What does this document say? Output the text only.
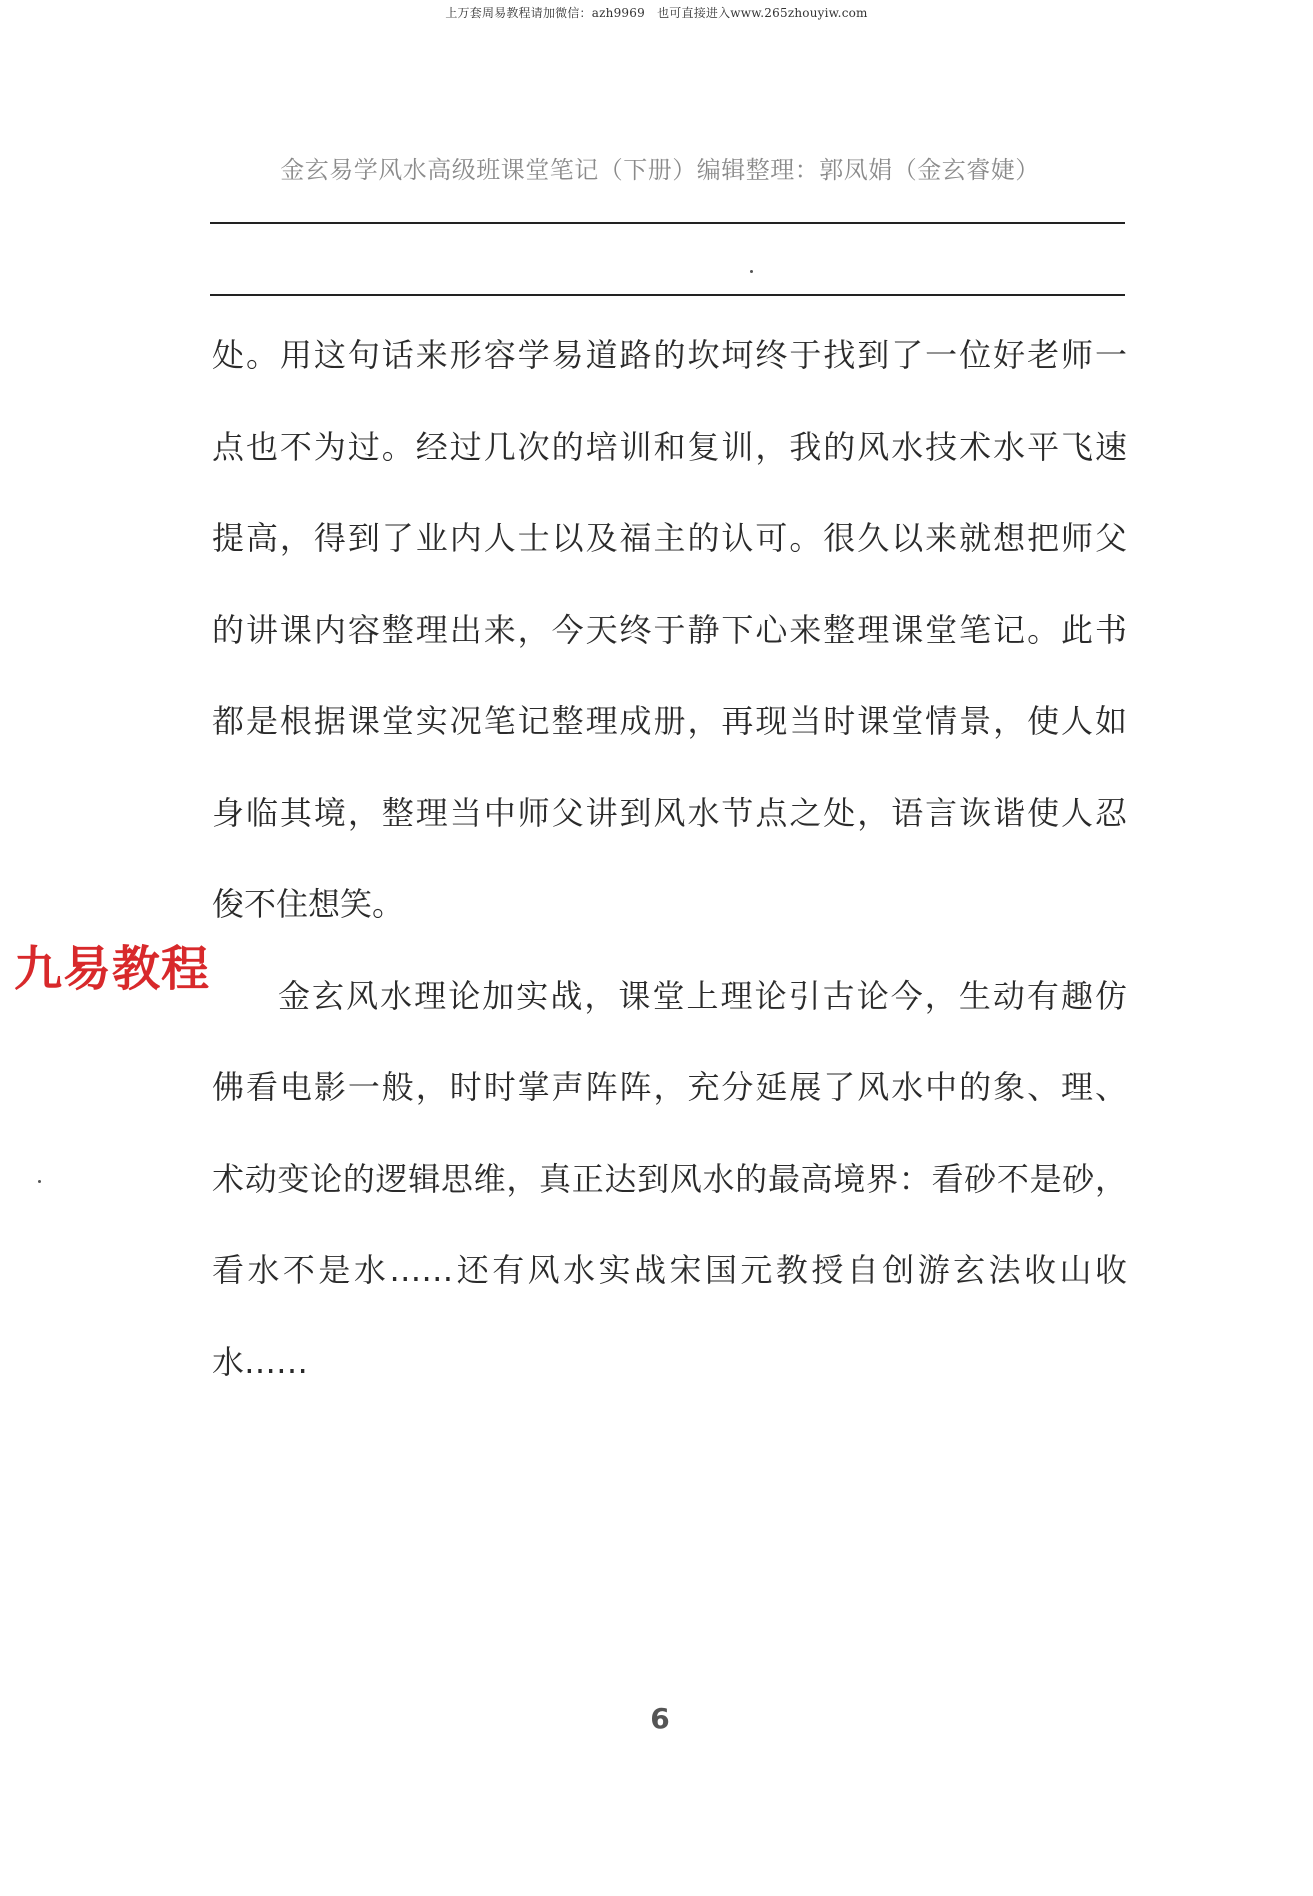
上万套周易教程请加微信：azh9969　也可直接进入www.265zhouyiw.com
金玄易学风水高级班课堂笔记（下册）编辑整理：郭凤娟（金玄睿婕）
处。用这句话来形容学易道路的坎坷终于找到了一位好老师一
点也不为过。经过几次的培训和复训，我的风水技术水平飞速
提高，得到了业内人士以及福主的认可。很久以来就想把师父
的讲课内容整理出来，今天终于静下心来整理课堂笔记。此书
都是根据课堂实况笔记整理成册，再现当时课堂情景，使人如
身临其境，整理当中师父讲到风水节点之处，语言诙谐使人忍
俊不住想笑。
金玄风水理论加实战，课堂上理论引古论今，生动有趣仿
佛看电影一般，时时掌声阵阵，充分延展了风水中的象、理、
术动变论的逻辑思维，真正达到风水的最高境界：看砂不是砂，
看水不是水……还有风水实战宋国元教授自创游玄法收山收
水……
九易教程
6
